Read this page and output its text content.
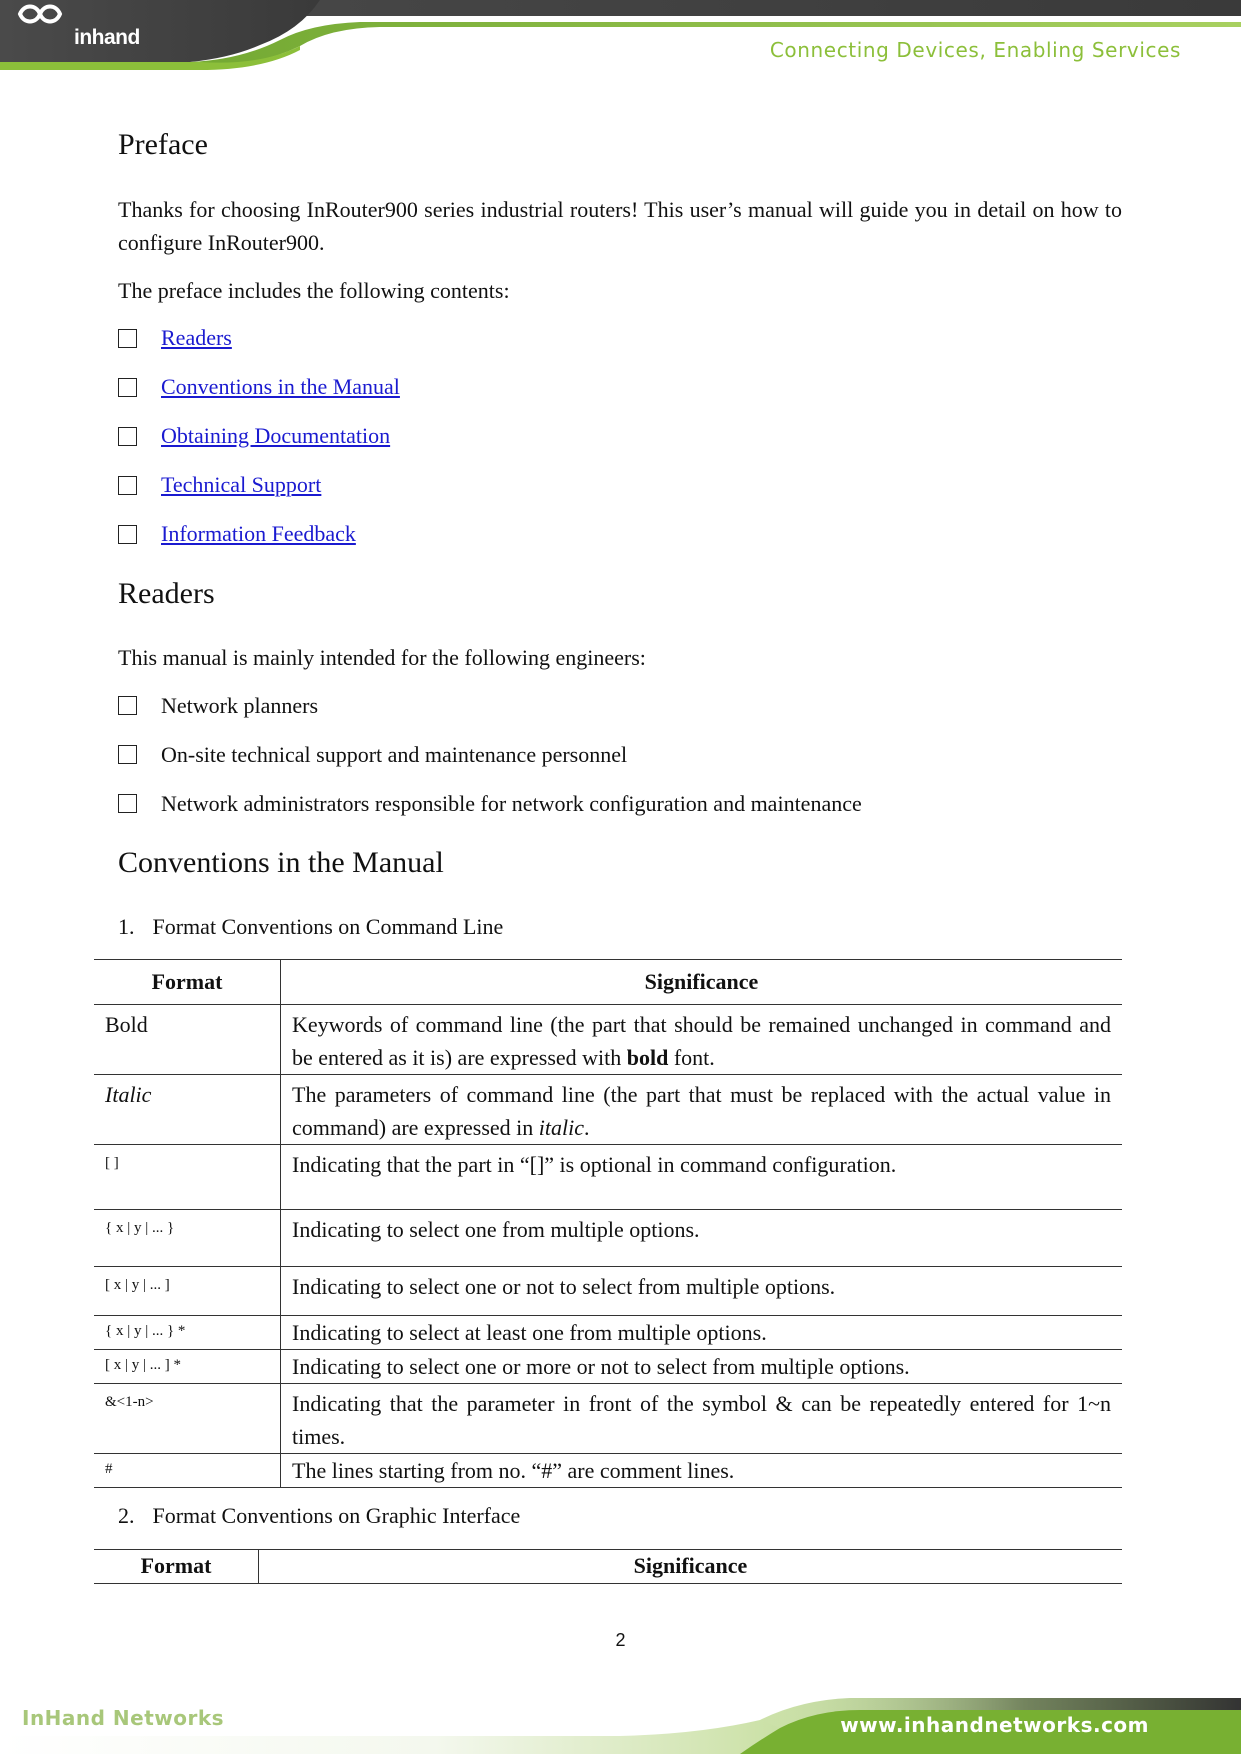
inhand
Connecting Devices, Enabling Services
Preface

Thanks for choosing InRouter900 series industrial routers! This user’s manual will guide you in detail on how to configure InRouter900.

The preface includes the following contents:

Readers
Conventions in the Manual
Obtaining Documentation
Technical Support
Information Feedback
Readers

This manual is mainly intended for the following engineers:

Network planners
On-site technical support and maintenance personnel
Network administrators responsible for network configuration and maintenance
Conventions in the Manual
1. Format Conventions on Command Line
Format	Significance
Bold	Keywords of command line (the part that should be remained unchanged in command and be entered as it is) are expressed with bold font.
Italic	The parameters of command line (the part that must be replaced with the actual value in command) are expressed in italic.
[ ]	Indicating that the part in “[]” is optional in command configuration.
{ x | y | ... }	Indicating to select one from multiple options.
[ x | y | ... ]	Indicating to select one or not to select from multiple options.
{ x | y | ... } *	Indicating to select at least one from multiple options.
[ x | y | ... ] *	Indicating to select one or more or not to select from multiple options.
&<1-n>	Indicating that the parameter in front of the symbol & can be repeatedly entered for 1~n times.
#	The lines starting from no. “#” are comment lines.
2. Format Conventions on Graphic Interface
Format	Significance
2
InHand Networks	www.inhandnetworks.com
